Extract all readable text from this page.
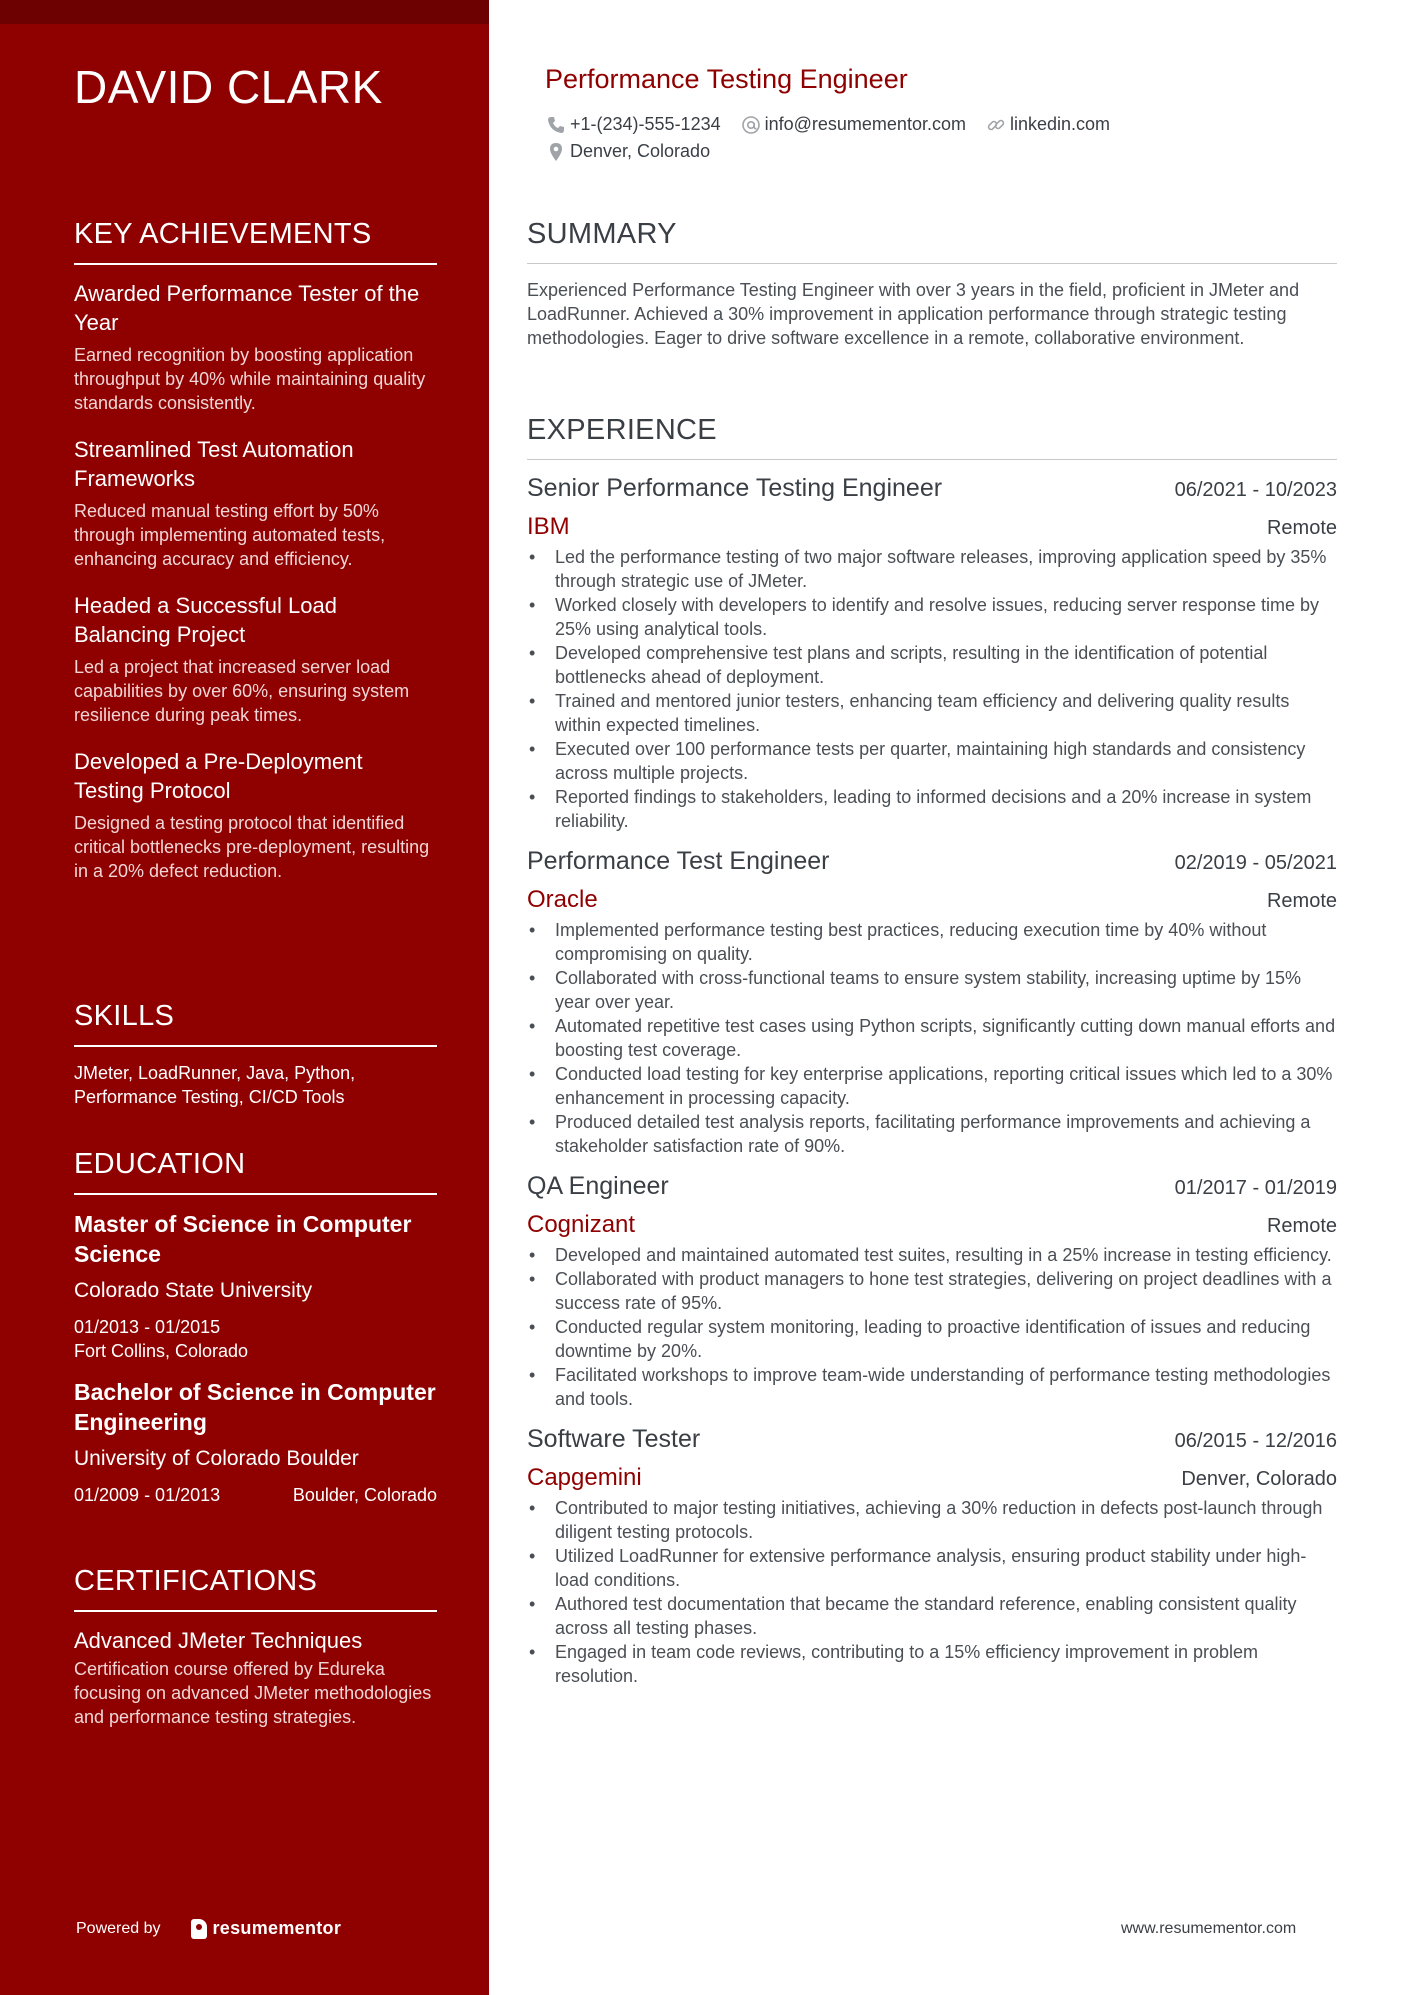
DAVID CLARK
KEY ACHIEVEMENTS
Awarded Performance Tester of the Year
Earned recognition by boosting application throughput by 40% while maintaining quality standards consistently.
Streamlined Test Automation Frameworks
Reduced manual testing effort by 50% through implementing automated tests, enhancing accuracy and efficiency.
Headed a Successful Load Balancing Project
Led a project that increased server load capabilities by over 60%, ensuring system resilience during peak times.
Developed a Pre-Deployment Testing Protocol
Designed a testing protocol that identified critical bottlenecks pre-deployment, resulting in a 20% defect reduction.
SKILLS
JMeter, LoadRunner, Java, Python, Performance Testing, CI/CD Tools
EDUCATION
Master of Science in Computer Science
Colorado State University
01/2013 - 01/2015
Fort Collins, Colorado
Bachelor of Science in Computer Engineering
University of Colorado Boulder
01/2009 - 01/2013	Boulder, Colorado
CERTIFICATIONS
Advanced JMeter Techniques
Certification course offered by Edureka focusing on advanced JMeter methodologies and performance testing strategies.
Powered by	resumementor
Performance Testing Engineer
+1-(234)-555-1234 info@resumementor.com linkedin.com
Denver, Colorado
SUMMARY
Experienced Performance Testing Engineer with over 3 years in the field, proficient in JMeter and LoadRunner. Achieved a 30% improvement in application performance through strategic testing methodologies. Eager to drive software excellence in a remote, collaborative environment.
EXPERIENCE
Senior Performance Testing Engineer	06/2021 - 10/2023
IBM	Remote
• Led the performance testing of two major software releases, improving application speed by 35% through strategic use of JMeter.
• Worked closely with developers to identify and resolve issues, reducing server response time by 25% using analytical tools.
• Developed comprehensive test plans and scripts, resulting in the identification of potential bottlenecks ahead of deployment.
• Trained and mentored junior testers, enhancing team efficiency and delivering quality results within expected timelines.
• Executed over 100 performance tests per quarter, maintaining high standards and consistency across multiple projects.
• Reported findings to stakeholders, leading to informed decisions and a 20% increase in system reliability.
Performance Test Engineer	02/2019 - 05/2021
Oracle	Remote
• Implemented performance testing best practices, reducing execution time by 40% without compromising on quality.
• Collaborated with cross-functional teams to ensure system stability, increasing uptime by 15% year over year.
• Automated repetitive test cases using Python scripts, significantly cutting down manual efforts and boosting test coverage.
• Conducted load testing for key enterprise applications, reporting critical issues which led to a 30% enhancement in processing capacity.
• Produced detailed test analysis reports, facilitating performance improvements and achieving a stakeholder satisfaction rate of 90%.
QA Engineer	01/2017 - 01/2019
Cognizant	Remote
• Developed and maintained automated test suites, resulting in a 25% increase in testing efficiency.
• Collaborated with product managers to hone test strategies, delivering on project deadlines with a success rate of 95%.
• Conducted regular system monitoring, leading to proactive identification of issues and reducing downtime by 20%.
• Facilitated workshops to improve team-wide understanding of performance testing methodologies and tools.
Software Tester	06/2015 - 12/2016
Capgemini	Denver, Colorado
• Contributed to major testing initiatives, achieving a 30% reduction in defects post-launch through diligent testing protocols.
• Utilized LoadRunner for extensive performance analysis, ensuring product stability under high-load conditions.
• Authored test documentation that became the standard reference, enabling consistent quality across all testing phases.
• Engaged in team code reviews, contributing to a 15% efficiency improvement in problem resolution.
www.resumementor.com
